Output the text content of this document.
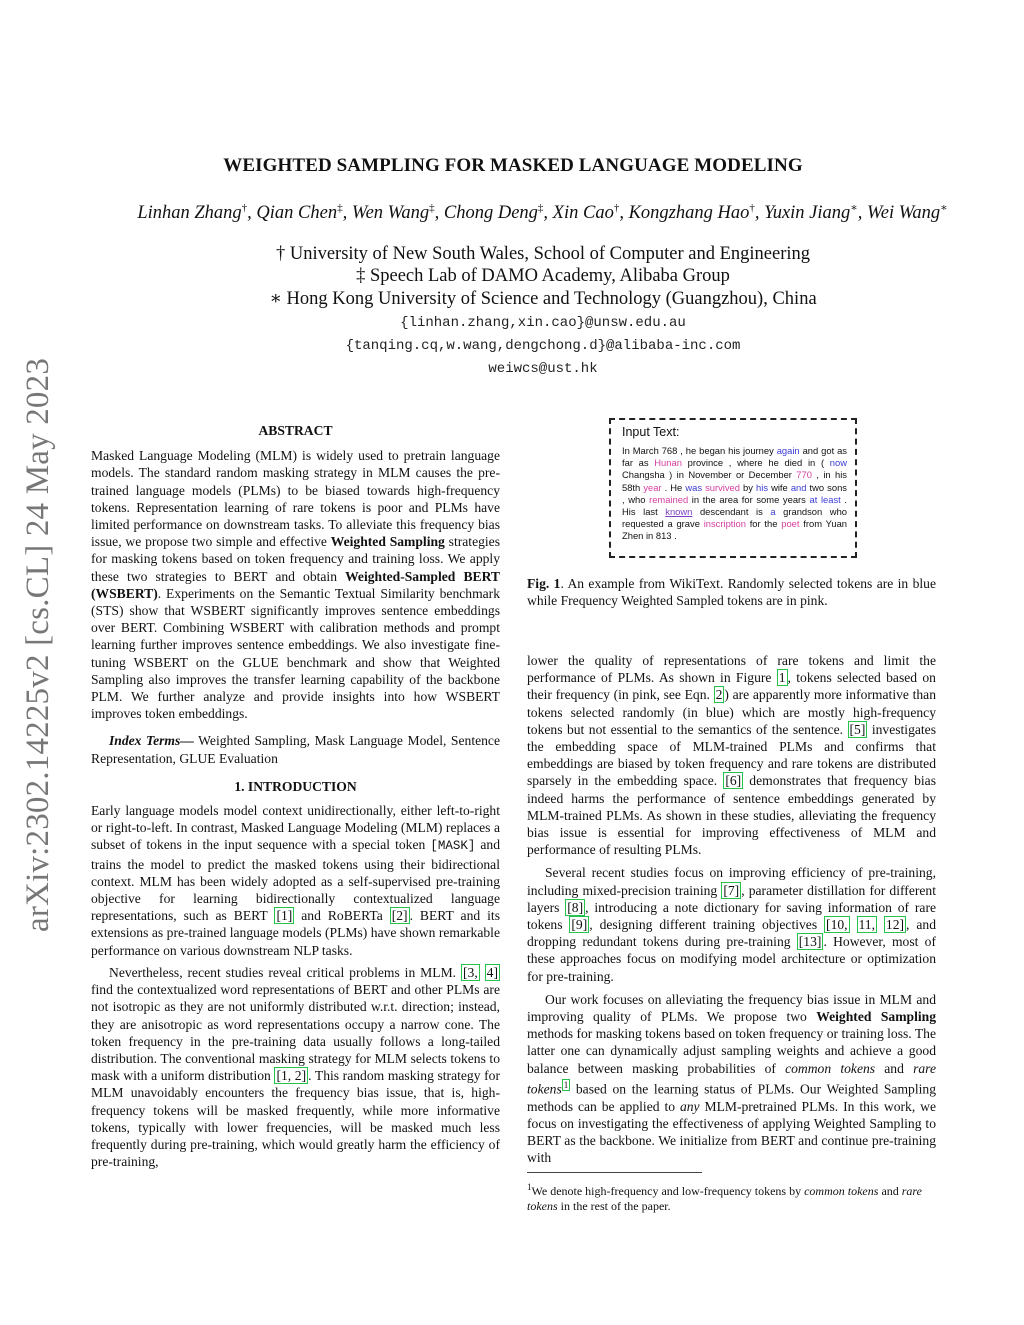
arXiv:2302.14225v2 [cs.CL] 24 May 2023
WEIGHTED SAMPLING FOR MASKED LANGUAGE MODELING
Linhan Zhang†, Qian Chen‡, Wen Wang‡, Chong Deng‡, Xin Cao†, Kongzhang Hao†, Yuxin Jiang∗, Wei Wang∗
† University of New South Wales, School of Computer and Engineering
‡ Speech Lab of DAMO Academy, Alibaba Group
∗ Hong Kong University of Science and Technology (Guangzhou), China
{linhan.zhang,xin.cao}@unsw.edu.au
{tanqing.cq,w.wang,dengchong.d}@alibaba-inc.com
weiwcs@ust.hk

ABSTRACT

Masked Language Modeling (MLM) is widely used to pretrain language models. The standard random masking strategy in MLM causes the pre-trained language models (PLMs) to be biased towards high-frequency tokens. Representation learning of rare tokens is poor and PLMs have limited performance on downstream tasks. To alleviate this frequency bias issue, we propose two simple and effective Weighted Sampling strategies for masking tokens based on token frequency and training loss. We apply these two strategies to BERT and obtain Weighted-Sampled BERT (WSBERT). Experiments on the Semantic Textual Similarity benchmark (STS) show that WSBERT significantly improves sentence embeddings over BERT. Combining WSBERT with calibration methods and prompt learning further improves sentence embeddings. We also investigate fine-tuning WSBERT on the GLUE benchmark and show that Weighted Sampling also improves the transfer learning capability of the backbone PLM. We further analyze and provide insights into how WSBERT improves token embeddings.

Index Terms— Weighted Sampling, Mask Language Model, Sentence Representation, GLUE Evaluation

1. INTRODUCTION

Early language models model context unidirectionally, either left-to-right or right-to-left. In contrast, Masked Language Modeling (MLM) replaces a subset of tokens in the input sequence with a special token [MASK] and trains the model to predict the masked tokens using their bidirectional context. MLM has been widely adopted as a self-supervised pre-training objective for learning bidirectionally contextualized language representations, such as BERT [1] and RoBERTa [2] . BERT and its extensions as pre-trained language models (PLMs) have shown remarkable performance on various downstream NLP tasks.

Nevertheless, recent studies reveal critical problems in MLM. [3, 4] find the contextualized word representations of BERT and other PLMs are not isotropic as they are not uniformly distributed w.r.t. direction; instead, they are anisotropic as word representations occupy a narrow cone. The token frequency in the pre-training data usually follows a long-tailed distribution. The conventional masking strategy for MLM selects tokens to mask with a uniform distribution [1, 2] . This random masking strategy for MLM unavoidably encounters the frequency bias issue, that is, high-frequency tokens will be masked frequently, while more informative tokens, typically with lower frequencies, will be masked much less frequently during pre-training, which would greatly harm the efficiency of pre-training,

Input Text:
In March 768 , he began his journey again and got as far as Hunan province , where he died in ( now Changsha ) in November or December 770 , in his 58th year . He was survived by his wife and two sons , who remained in the area for some years at least . His last known descendant is a grandson who requested a grave inscription for the poet from Yuan Zhen in 813 .
Fig. 1. An example from WikiText. Randomly selected tokens are in blue while Frequency Weighted Sampled tokens are in pink.

lower the quality of representations of rare tokens and limit the performance of PLMs. As shown in Figure 1 , tokens selected based on their frequency (in pink, see Eqn. 2 ) are apparently more informative than tokens selected randomly (in blue) which are mostly high-frequency tokens but not essential to the semantics of the sentence. [5] investigates the embedding space of MLM-trained PLMs and confirms that embeddings are biased by token frequency and rare tokens are distributed sparsely in the embedding space. [6] demonstrates that frequency bias indeed harms the performance of sentence embeddings generated by MLM-trained PLMs. As shown in these studies, alleviating the frequency bias issue is essential for improving effectiveness of MLM and performance of resulting PLMs.

Several recent studies focus on improving efficiency of pre-training, including mixed-precision training [7] , parameter distillation for different layers [8] , introducing a note dictionary for saving information of rare tokens [9] , designing different training objectives [10, 11, 12] , and dropping redundant tokens during pre-training [13] . However, most of these approaches focus on modifying model architecture or optimization for pre-training.

Our work focuses on alleviating the frequency bias issue in MLM and improving quality of PLMs. We propose two Weighted Sampling methods for masking tokens based on token frequency or training loss. The latter one can dynamically adjust sampling weights and achieve a good balance between masking probabilities of common tokens and rare tokens $^1$ based on the learning status of PLMs. Our Weighted Sampling methods can be applied to any MLM-pretrained PLMs. In this work, we focus on investigating the effectiveness of applying Weighted Sampling to BERT as the backbone. We initialize from BERT and continue pre-training with

$^1$We denote high-frequency and low-frequency tokens by common tokens and rare tokens in the rest of the paper.
